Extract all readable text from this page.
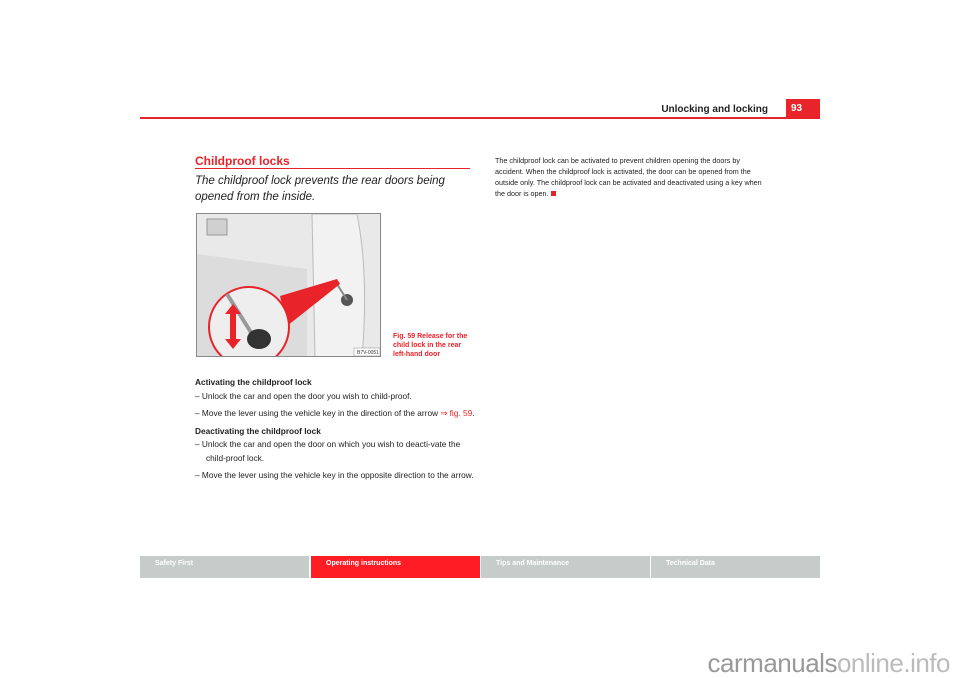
Unlocking and locking	93
Childproof locks
The childproof lock prevents the rear doors being opened from the inside.
B7V-0051
Fig. 59 Release for the child lock in the rear left-hand door
Activating the childproof lock
– Unlock the car and open the door you wish to child-proof.
– Move the lever using the vehicle key in the direction of the arrow ⇒ fig. 59.
Deactivating the childproof lock
– Unlock the car and open the door on which you wish to deacti-vate the child-proof lock.
– Move the lever using the vehicle key in the opposite direction to the arrow.
The childproof lock can be activated to prevent children opening the doors by accident. When the childproof lock is activated, the door can be opened from the outside only. The childproof lock can be activated and deactivated using a key when the door is open.
Safety First	Operating instructions	Tips and Maintenance	Technical Data
carmanualsonline.info
